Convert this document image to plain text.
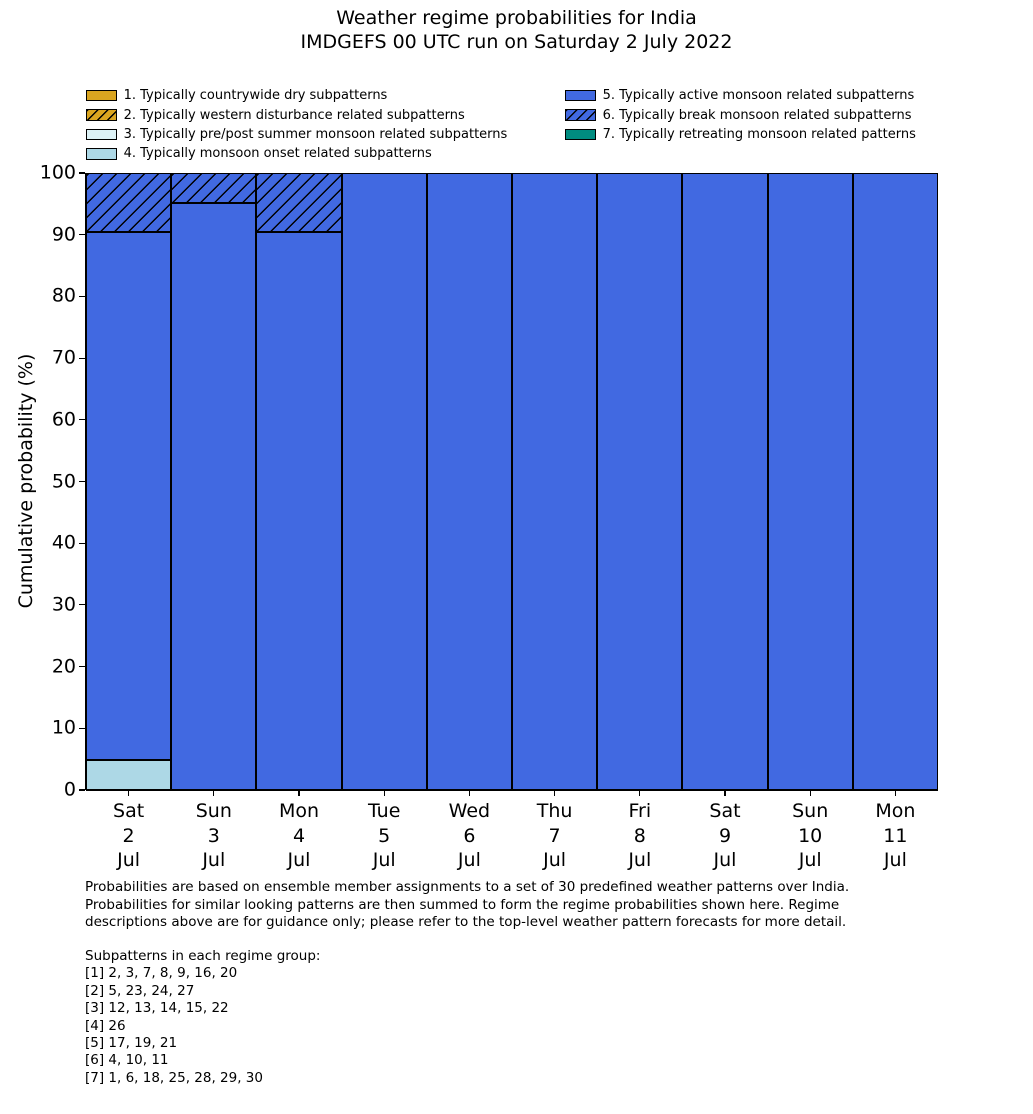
Weather regime probabilities for India
IMDGEFS 00 UTC run on Saturday 2 July 2022
1. Typically countrywide dry subpatterns
2. Typically western disturbance related subpatterns
3. Typically pre/post summer monsoon related subpatterns
4. Typically monsoon onset related subpatterns
5. Typically active monsoon related subpatterns
6. Typically break monsoon related subpatterns
7. Typically retreating monsoon related patterns
Cumulative probability (%)
0
10
20
30
40
50
60
70
80
90
100
Sat
2
Jul
Sun
3
Jul
Mon
4
Jul
Tue
5
Jul
Wed
6
Jul
Thu
7
Jul
Fri
8
Jul
Sat
9
Jul
Sun
10
Jul
Mon
11
Jul
Probabilities are based on ensemble member assignments to a set of 30 predefined weather patterns over India.
Probabilities for similar looking patterns are then summed to form the regime probabilities shown here. Regime
descriptions above are for guidance only; please refer to the top-level weather pattern forecasts for more detail.
Subpatterns in each regime group:
[1] 2, 3, 7, 8, 9, 16, 20
[2] 5, 23, 24, 27
[3] 12, 13, 14, 15, 22
[4] 26
[5] 17, 19, 21
[6] 4, 10, 11
[7] 1, 6, 18, 25, 28, 29, 30
